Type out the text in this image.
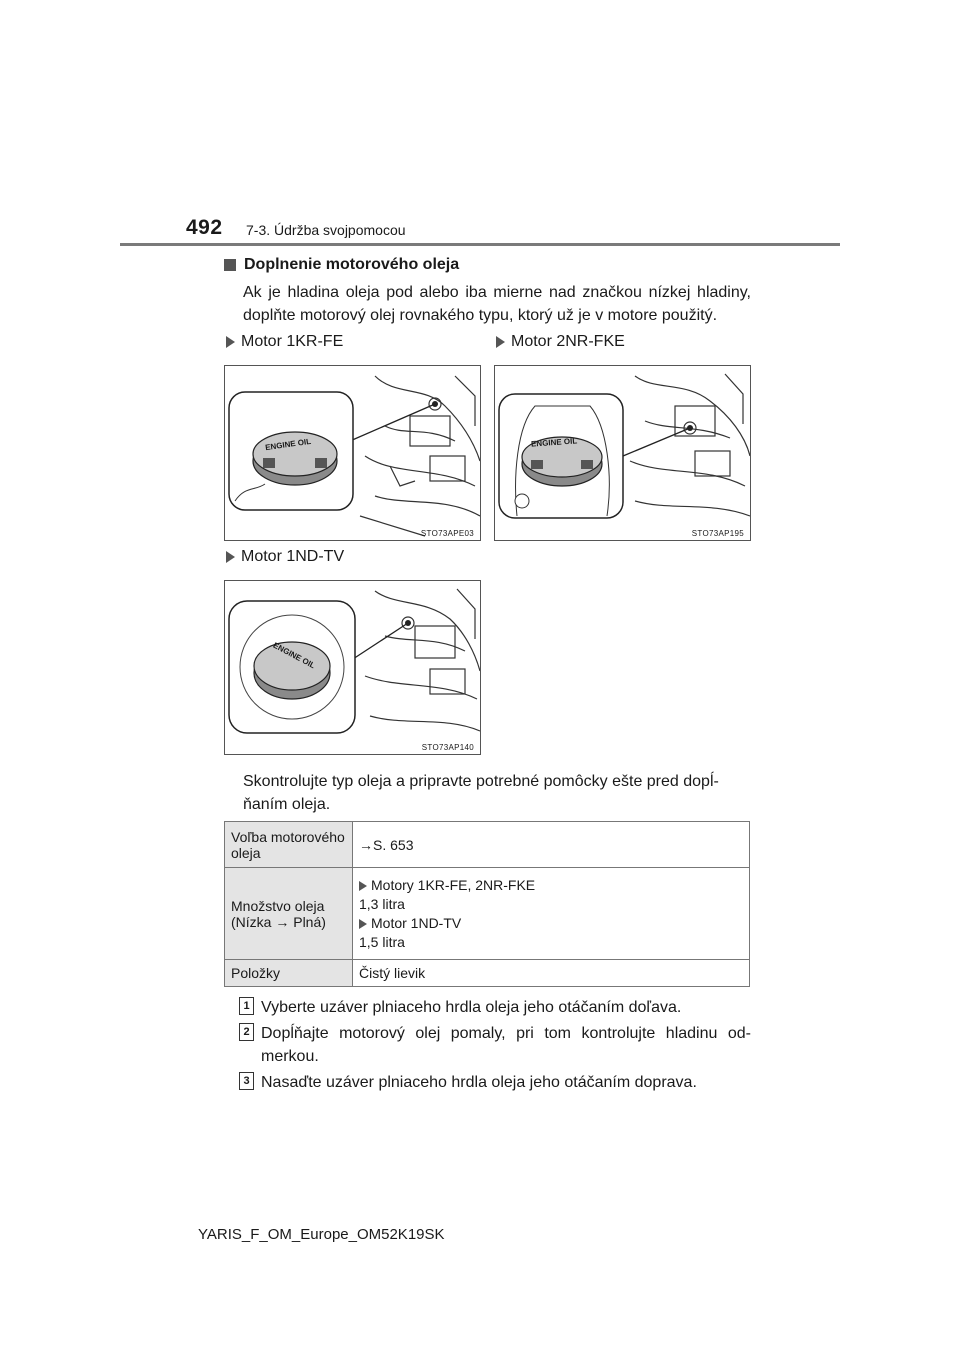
492 7-3. Údržba svojpomocou
Doplnenie motorového oleja
Ak je hladina oleja pod alebo iba mierne nad značkou nízkej hladiny, doplňte motorový olej rovnakého typu, ktorý už je v motore použitý.
Motor 1KR-FE	Motor 2NR-FKE
ENGINE OIL
STO73APE03
ENGINE OIL
STO73AP195
Motor 1ND-TV
ENGINE OIL
STO73AP140
Skontrolujte typ oleja a pripravte potrebné pomôcky ešte pred dopĺ-ňaním oleja.
Voľba motorového oleja	→S. 653
Množstvo oleja (Nízka → Plná)	Motory 1KR-FE, 2NR-FKE

1,3 litra

Motor 1ND-TV

1,5 litra

Položky	Čistý lievik
1 Vyberte uzáver plniaceho hrdla oleja jeho otáčaním doľava.
2 Dopĺňajte motorový olej pomaly, pri tom kontrolujte hladinu od-merkou.
3 Nasaďte uzáver plniaceho hrdla oleja jeho otáčaním doprava.
YARIS_F_OM_Europe_OM52K19SK
